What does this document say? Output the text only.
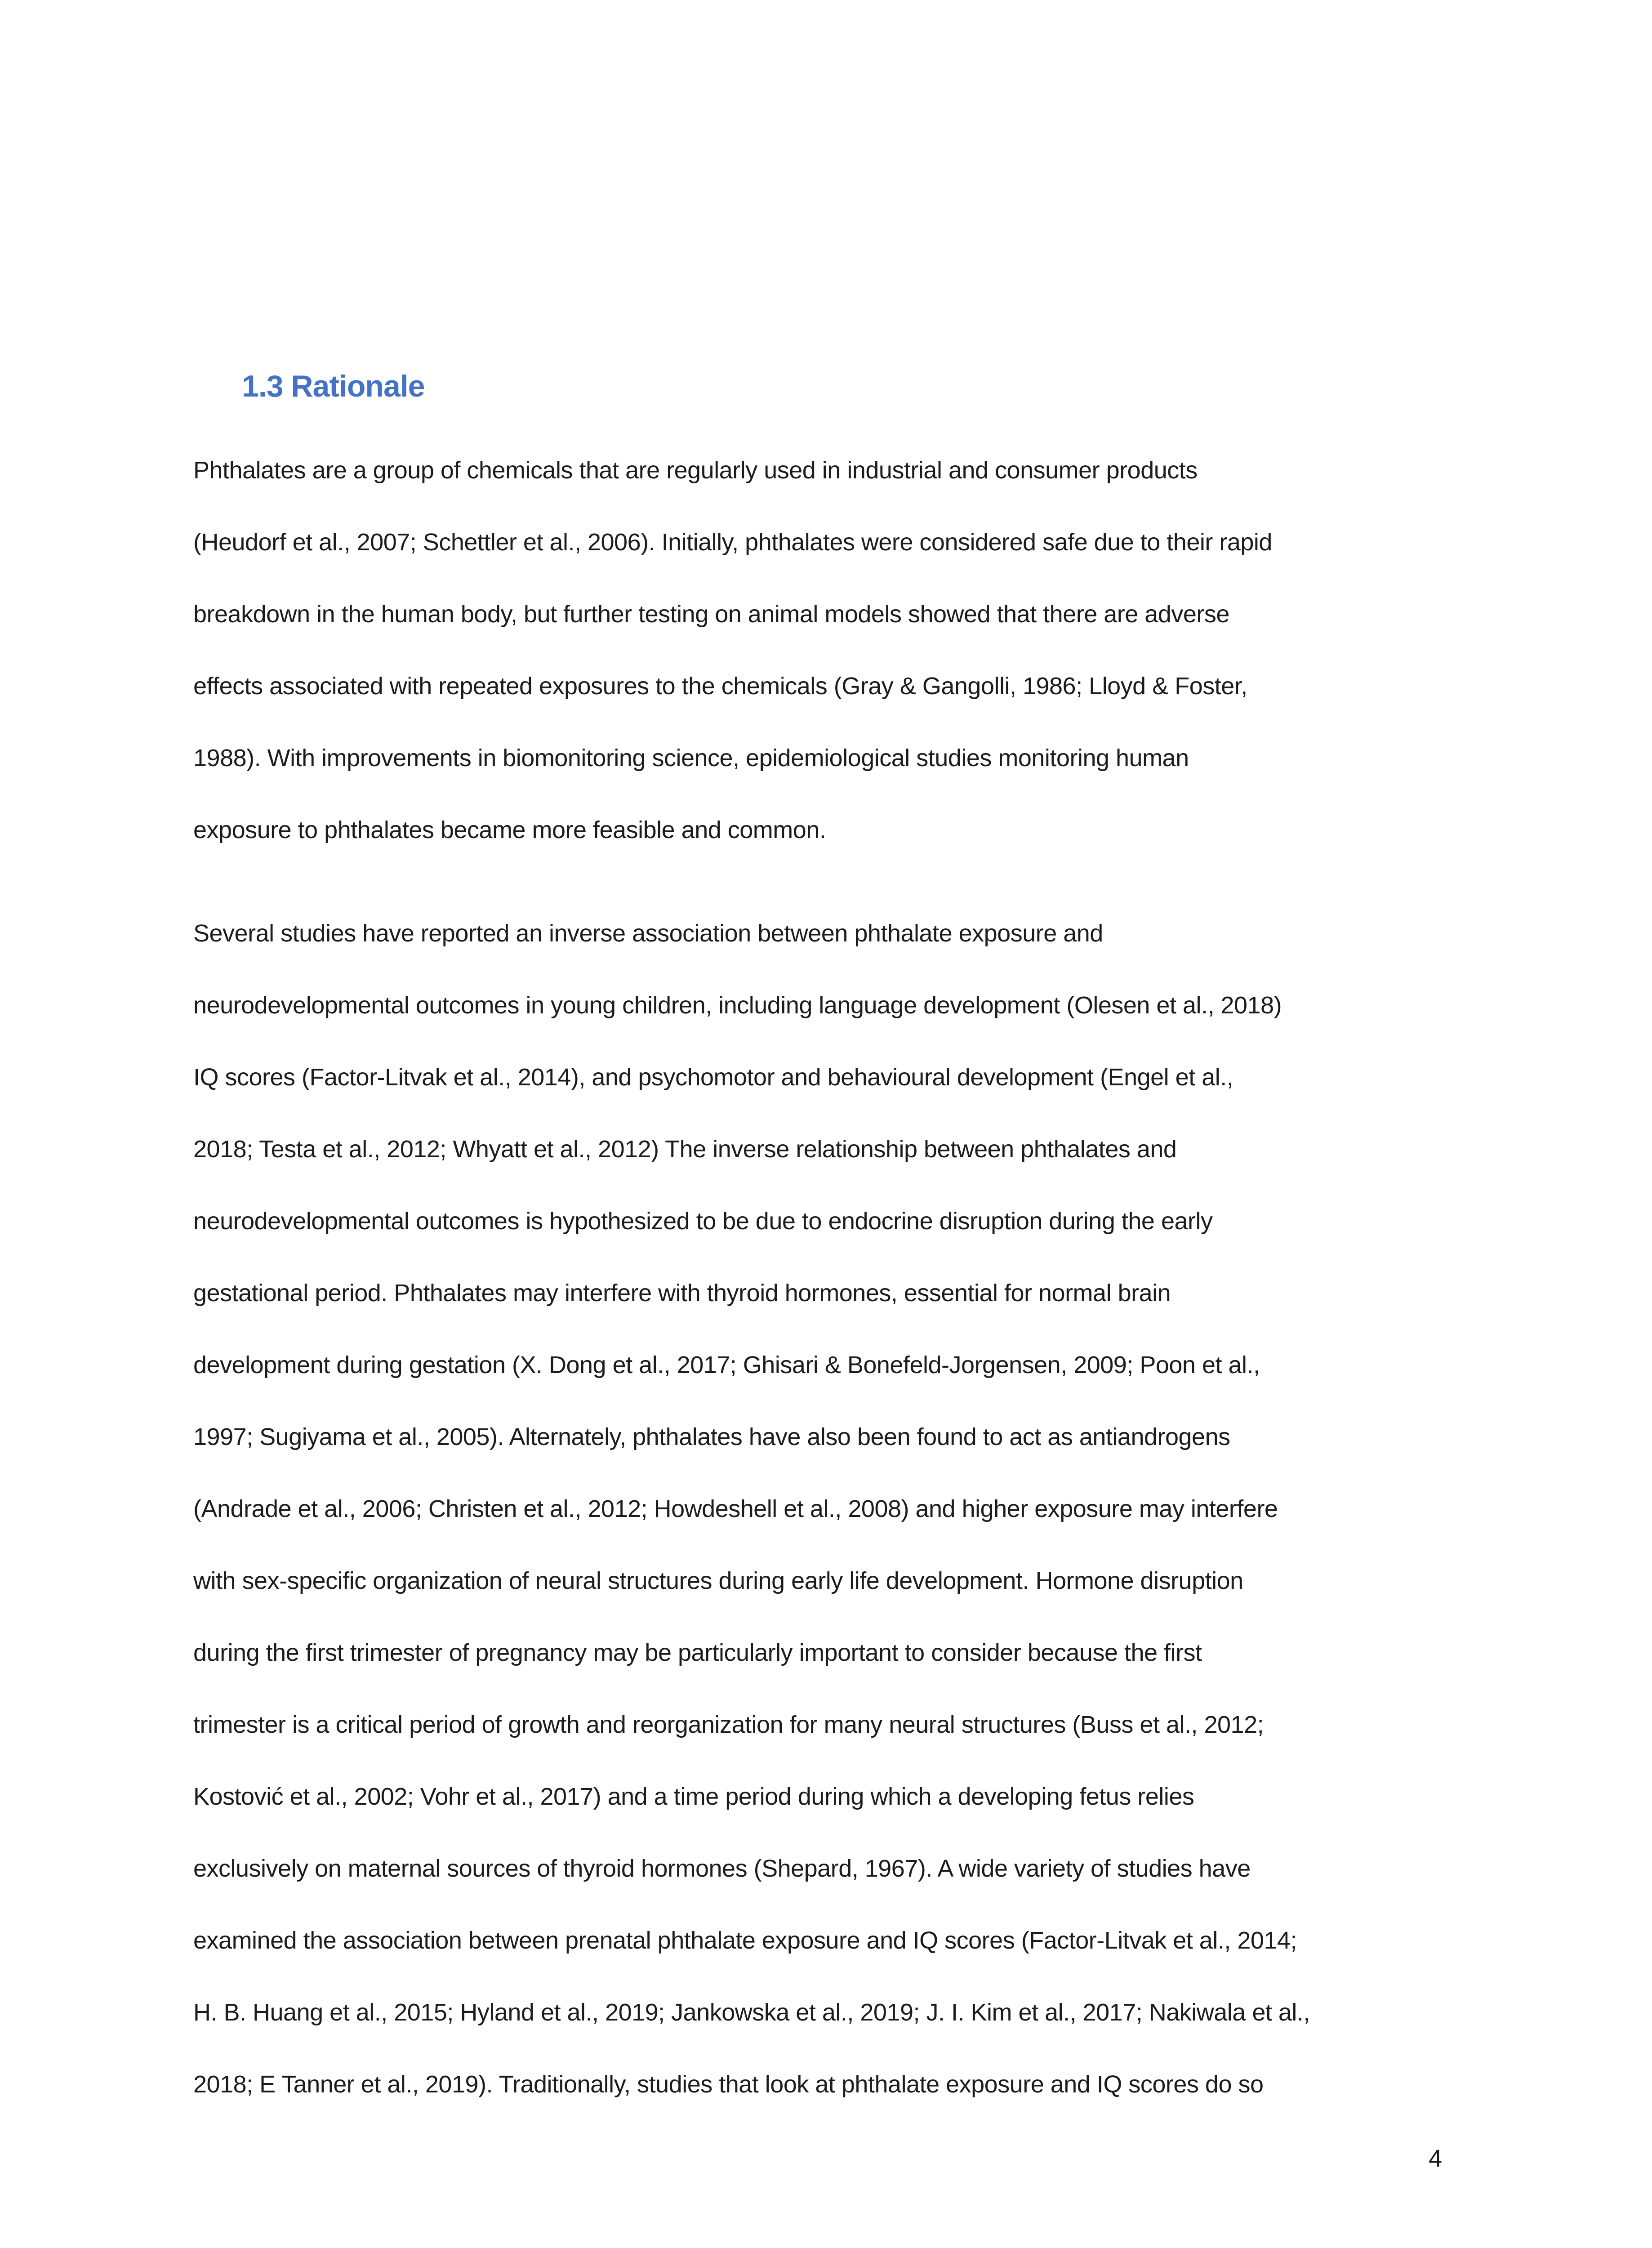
1.3 Rationale
Phthalates are a group of chemicals that are regularly used in industrial and consumer products
(Heudorf et al., 2007; Schettler et al., 2006). Initially, phthalates were considered safe due to their rapid
breakdown in the human body, but further testing on animal models showed that there are adverse
effects associated with repeated exposures to the chemicals (Gray & Gangolli, 1986; Lloyd & Foster,
1988). With improvements in biomonitoring science, epidemiological studies monitoring human
exposure to phthalates became more feasible and common.
Several studies have reported an inverse association between phthalate exposure and
neurodevelopmental outcomes in young children, including language development (Olesen et al., 2018)
IQ scores (Factor-Litvak et al., 2014), and psychomotor and behavioural development (Engel et al.,
2018; Testa et al., 2012; Whyatt et al., 2012) The inverse relationship between phthalates and
neurodevelopmental outcomes is hypothesized to be due to endocrine disruption during the early
gestational period. Phthalates may interfere with thyroid hormones, essential for normal brain
development during gestation (X. Dong et al., 2017; Ghisari & Bonefeld-Jorgensen, 2009; Poon et al.,
1997; Sugiyama et al., 2005). Alternately, phthalates have also been found to act as antiandrogens
(Andrade et al., 2006; Christen et al., 2012; Howdeshell et al., 2008) and higher exposure may interfere
with sex-specific organization of neural structures during early life development. Hormone disruption
during the first trimester of pregnancy may be particularly important to consider because the first
trimester is a critical period of growth and reorganization for many neural structures (Buss et al., 2012;
Kostović et al., 2002; Vohr et al., 2017) and a time period during which a developing fetus relies
exclusively on maternal sources of thyroid hormones (Shepard, 1967). A wide variety of studies have
examined the association between prenatal phthalate exposure and IQ scores (Factor-Litvak et al., 2014;
H. B. Huang et al., 2015; Hyland et al., 2019; Jankowska et al., 2019; J. I. Kim et al., 2017; Nakiwala et al.,
2018; E Tanner et al., 2019). Traditionally, studies that look at phthalate exposure and IQ scores do so
4
